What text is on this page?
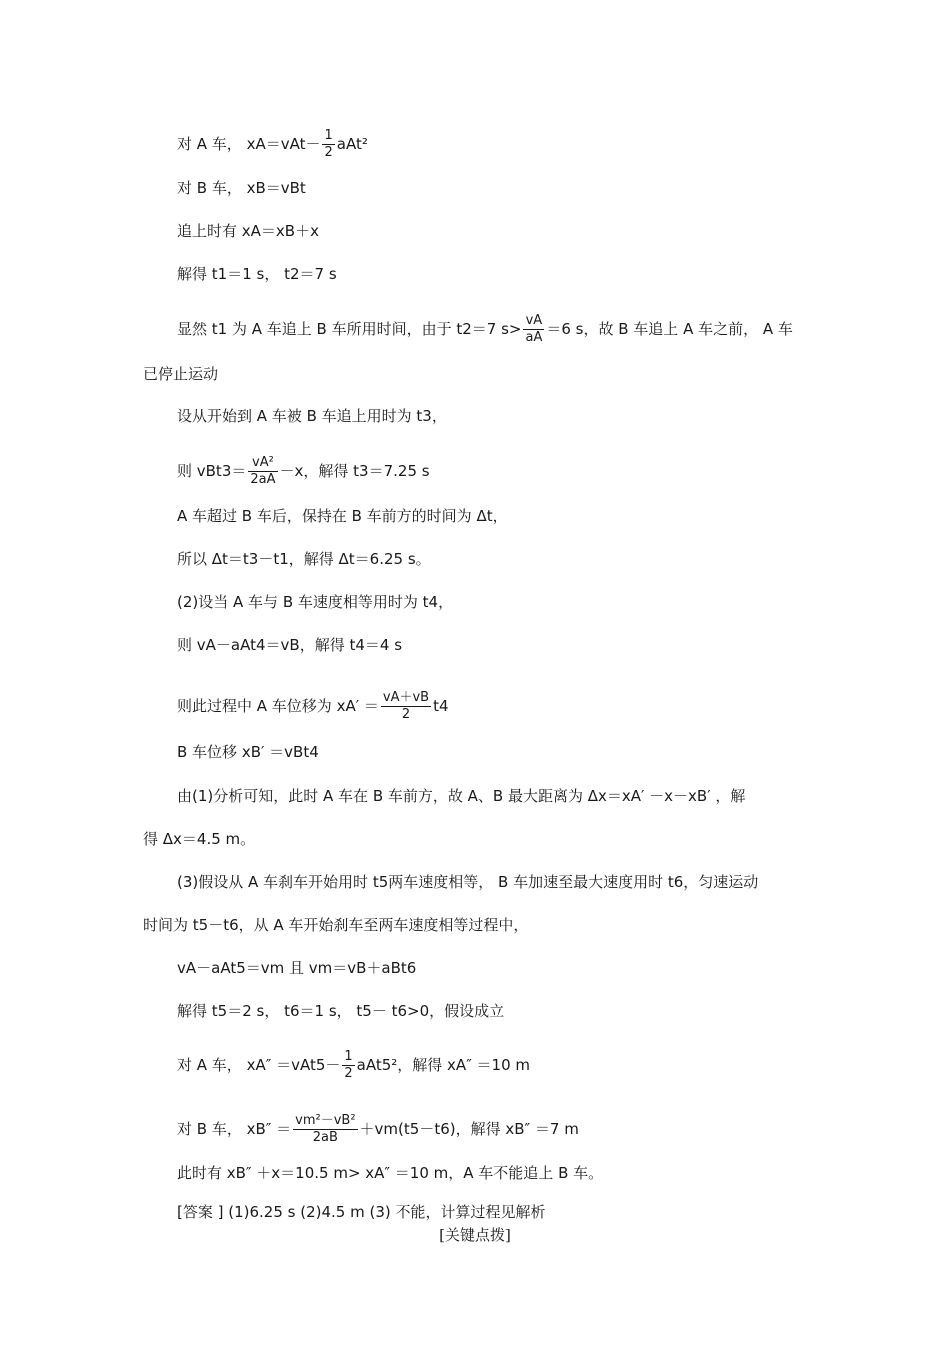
对 A 车， $xA=vAt- \frac{1}{2} aAt^2$
对 B 车， xB＝vBt
追上时有 xA＝xB＋x
解得 t1＝1 s， t2＝7 s
显然 t1 为 A 车追上 B 车所用时间，由于 t2＝7 $s> \frac{vA}{aA} =6$ s，故 B 车追上 A 车之前， A 车
已停止运动
设从开始到 A 车被 B 车追上用时为 t3，
则 $vBt3= \frac{\text{vA²}}{2aA} -x$，解得 t3＝7.25 s
A 车超过 B 车后，保持在 B 车前方的时间为 Δt，
所以 Δt＝t3－t1，解得 Δt＝6.25 s。
(2)设当 A 车与 B 车速度相等用时为 t4，
则 vA－aAt4＝vB，解得 t4＝4 s
则此过程中 A 车位移为 $xA' = \frac{vA+vB}{2} t4$
B 车位移 xB′ ＝vBt4
由(1)分析可知，此时 A 车在 B 车前方，故 A、B 最大距离为 Δx＝xA′ －x－xB′ ，解
得 Δx＝4.5 m。
(3)假设从 A 车刹车开始用时 t5两车速度相等， B 车加速至最大速度用时 t6，匀速运动
时间为 t5－t6，从 A 车开始刹车至两车速度相等过程中，
vA－aAt5＝vm 且 vm＝vB＋aBt6
解得 t5＝2 s， t6＝1 s， t5－ t6>0，假设成立
对 A 车， $xA'' =vAt5- \frac{1}{2} aAt5^2$，解得 xA″ ＝10 m
对 B 车， $xB'' = \frac{\text{vm²－vB²}}{2aB} +vm(t5-t6)$，解得 xB″ ＝7 m
此时有 xB″ ＋x＝10.5 m> xA″ ＝10 m，A 车不能追上 B 车。
[答案 ] (1)6.25 s (2)4.5 m (3) 不能，计算过程见解析
[关键点拨]
